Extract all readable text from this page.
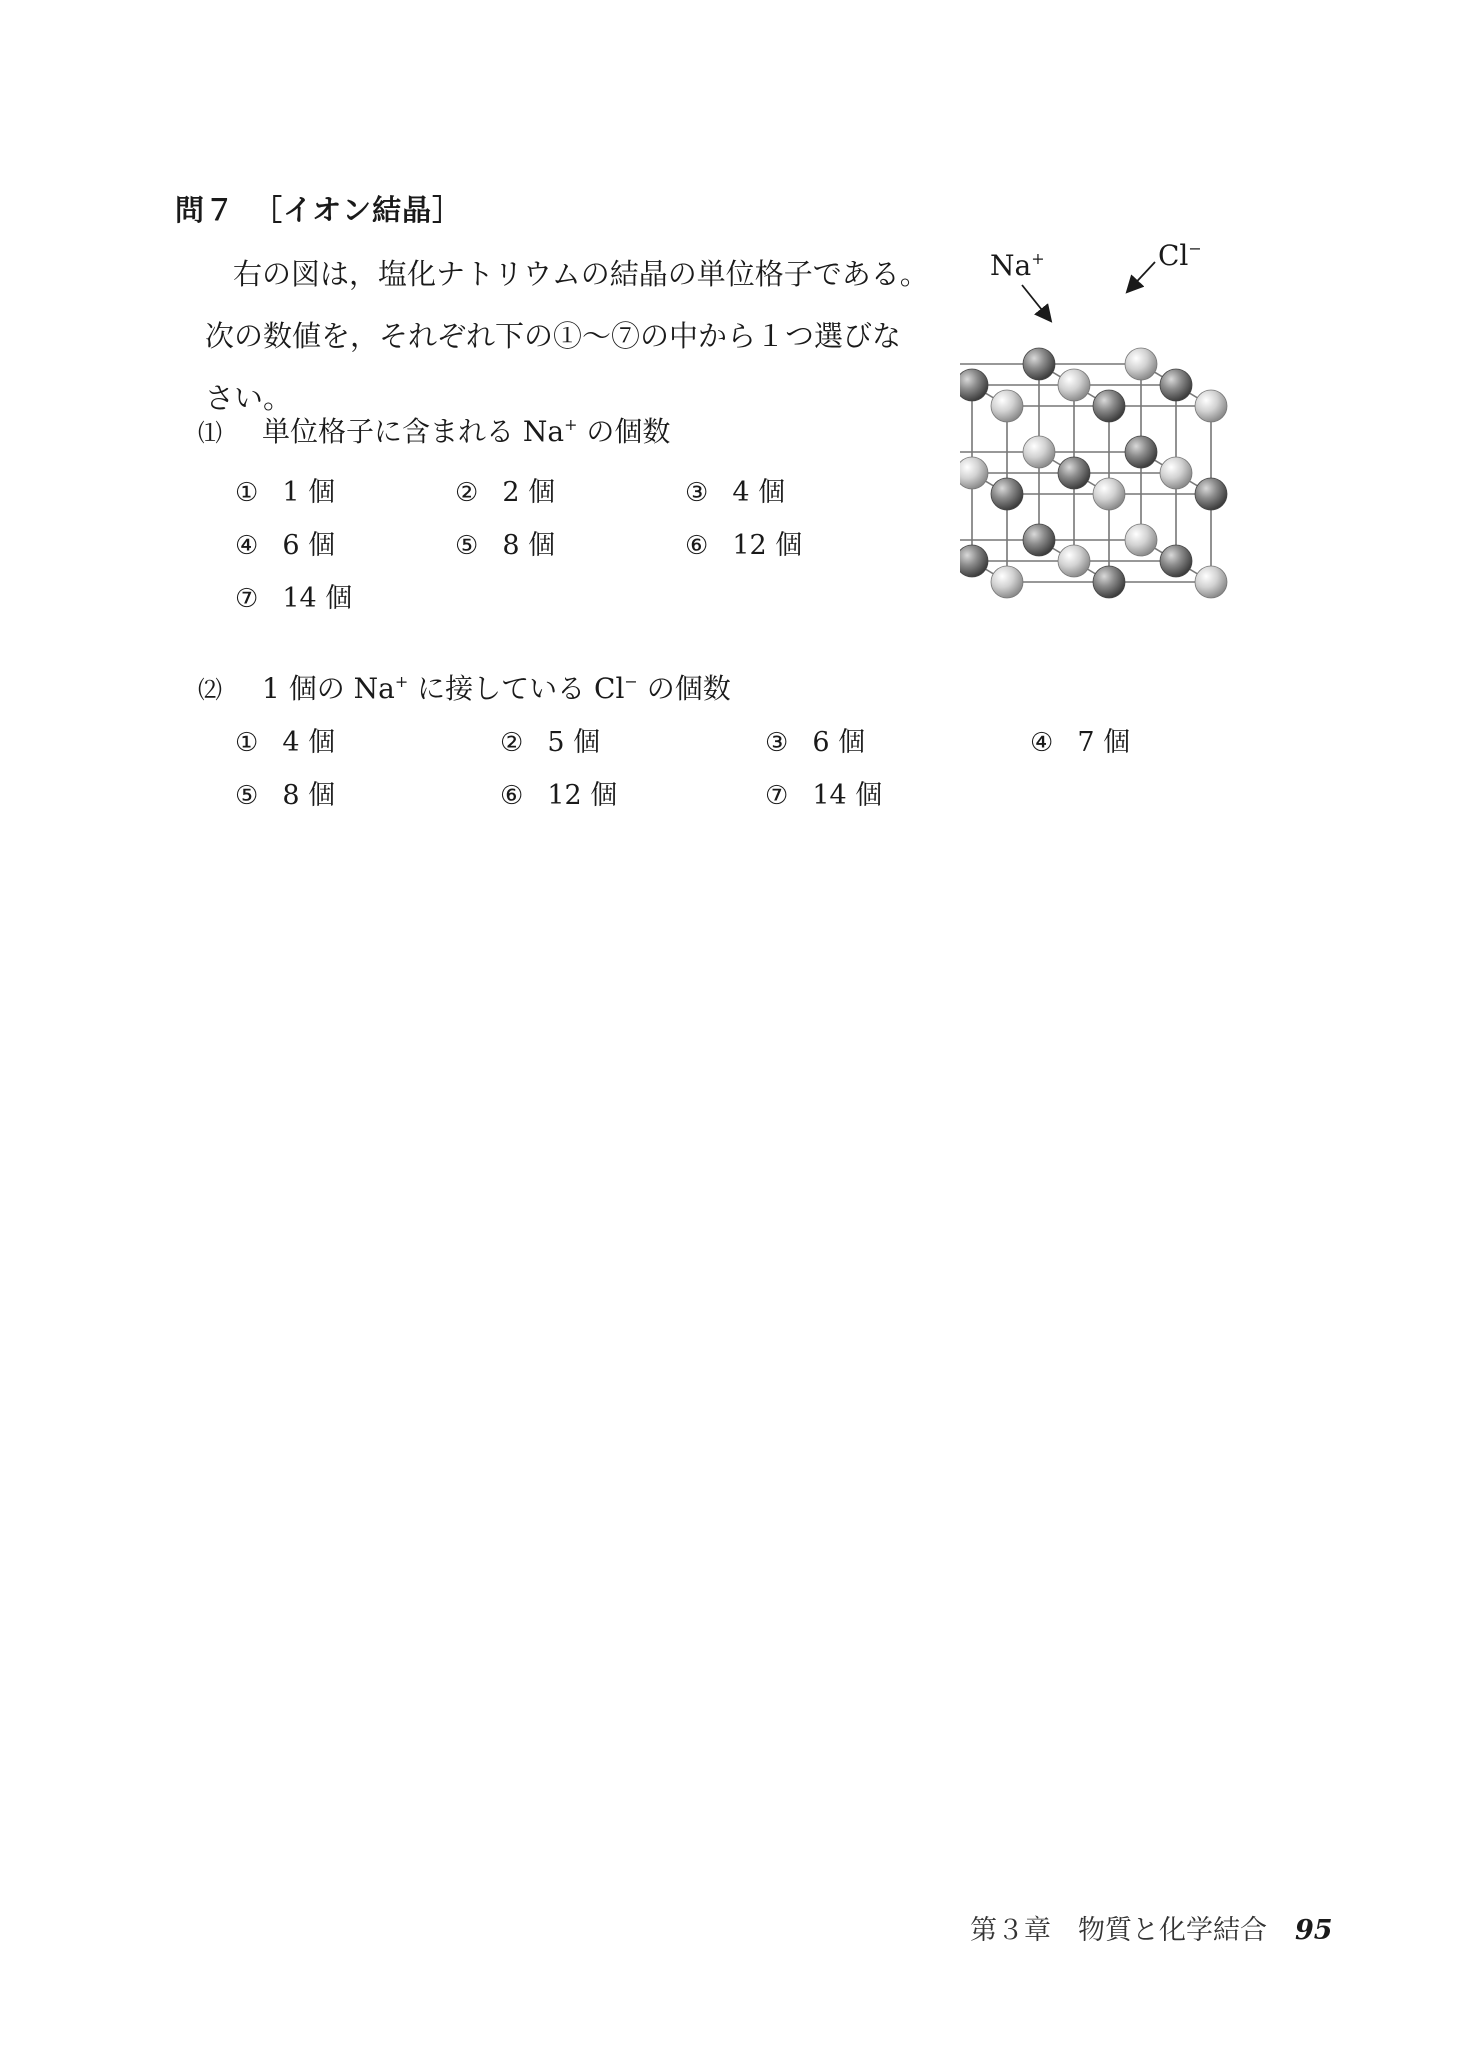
問７ ［イオン結晶］

右の図は，塩化ナトリウムの結晶の単位格子である。

次の数値を，それぞれ下の①～⑦の中から１つ選びな

さい。

Na+	Cl−
⑴ 単位格子に含まれる Na+ の個数
① 1 個	② 2 個	③ 4 個
④ 6 個	⑤ 8 個	⑥ 12 個
⑦ 14 個
⑵ 1 個の Na+ に接している Cl− の個数
① 4 個	② 5 個	③ 6 個	④ 7 個
⑤ 8 個	⑥ 12 個	⑦ 14 個
第３章　物質と化学結合 95
